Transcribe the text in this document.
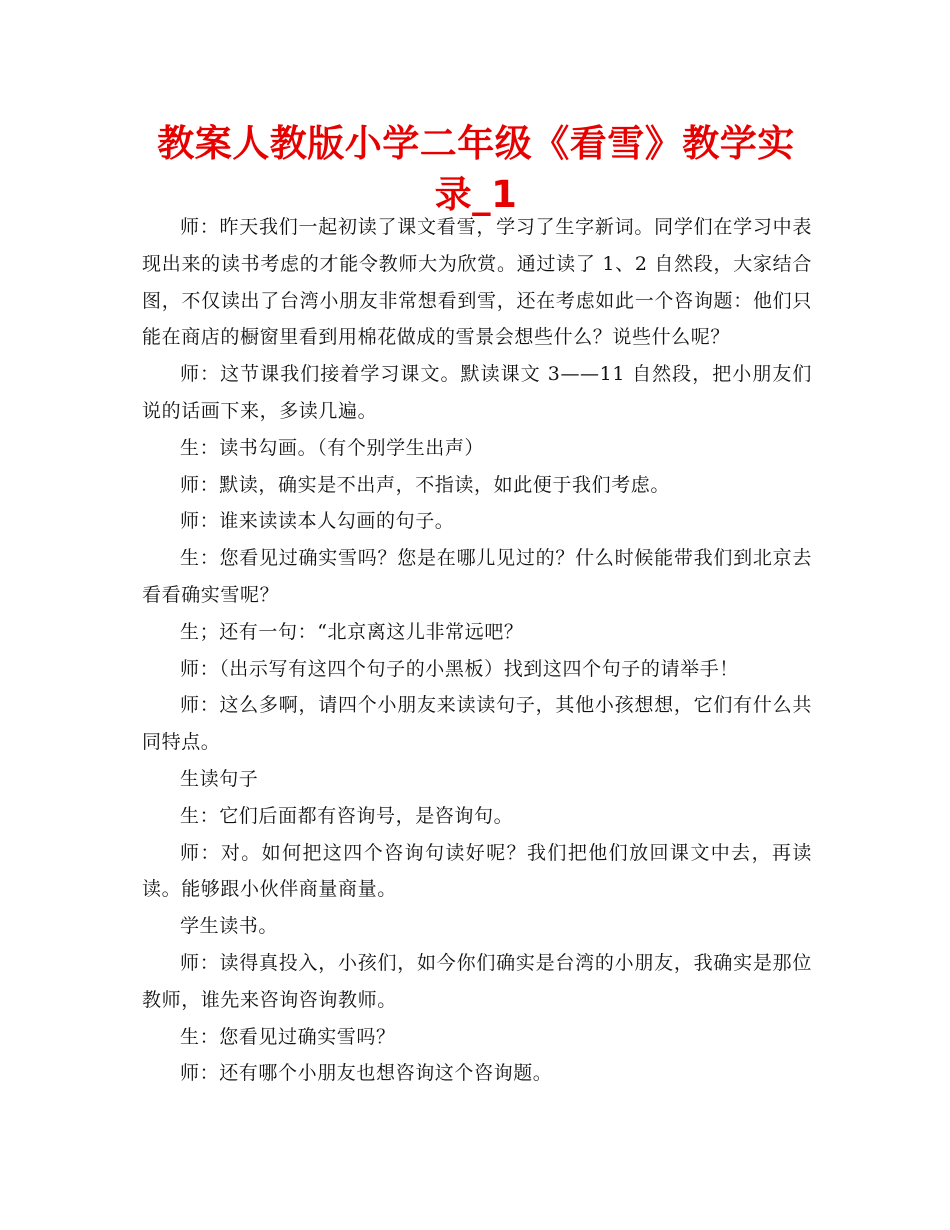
教案人教版小学二年级《看雪》教学实录_1

师：昨天我们一起初读了课文看雪，学习了生字新词。同学们在学习中表现出来的读书考虑的才能令教师大为欣赏。通过读了 1、2 自然段，大家结合图，不仅读出了台湾小朋友非常想看到雪，还在考虑如此一个咨询题：他们只能在商店的橱窗里看到用棉花做成的雪景会想些什么？说些什么呢？

师：这节课我们接着学习课文。默读课文 3——11 自然段，把小朋友们说的话画下来，多读几遍。

生：读书勾画。（有个别学生出声）

师：默读，确实是不出声，不指读，如此便于我们考虑。

师：谁来读读本人勾画的句子。

生：您看见过确实雪吗？您是在哪儿见过的？什么时候能带我们到北京去看看确实雪呢？

生；还有一句：“北京离这儿非常远吧？

师：（出示写有这四个句子的小黑板）找到这四个句子的请举手！

师：这么多啊，请四个小朋友来读读句子，其他小孩想想，它们有什么共同特点。

生读句子

生：它们后面都有咨询号，是咨询句。

师：对。如何把这四个咨询句读好呢？我们把他们放回课文中去，再读读。能够跟小伙伴商量商量。

学生读书。

师：读得真投入，小孩们，如今你们确实是台湾的小朋友，我确实是那位教师，谁先来咨询咨询教师。

生：您看见过确实雪吗？

师：还有哪个小朋友也想咨询这个咨询题。
